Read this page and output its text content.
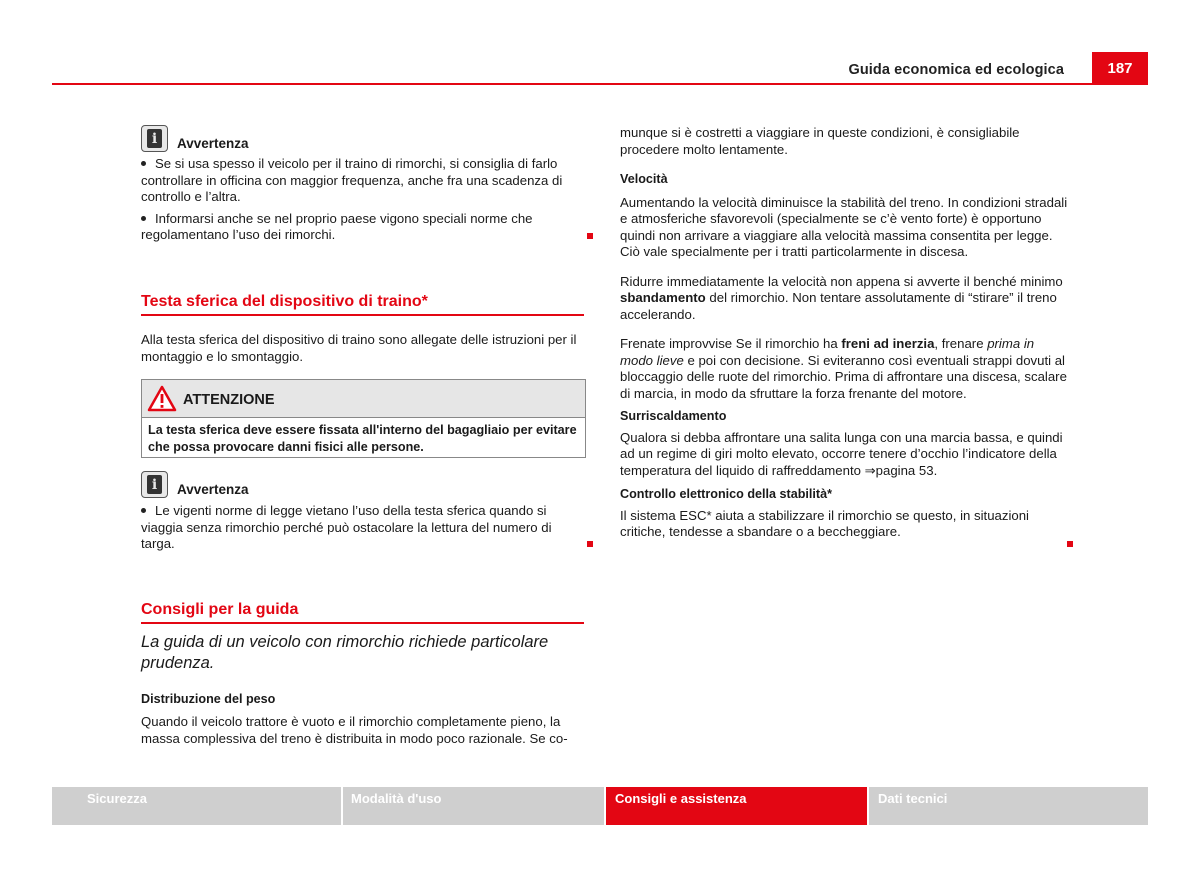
Guida economica ed ecologica	187
i	Avvertenza

Se si usa spesso il veicolo per il traino di rimorchi, si consiglia di farlo controllare in officina con maggior frequenza, anche fra una scadenza di controllo e l’altra.

Informarsi anche se nel proprio paese vigono speciali norme che regolamentano l’uso dei rimorchi.

Testa sferica del dispositivo di traino*
Alla testa sferica del dispositivo di traino sono allegate delle istruzioni per il montaggio e lo smontaggio.
ATTENZIONE
La testa sferica deve essere fissata all'interno del bagagliaio per evitare che possa provocare danni fisici alle persone.
i	Avvertenza

Le vigenti norme di legge vietano l’uso della testa sferica quando si viaggia senza rimorchio perché può ostacolare la lettura del numero di targa.

Consigli per la guida
La guida di un veicolo con rimorchio richiede particolare prudenza.
Distribuzione del peso
Quando il veicolo trattore è vuoto e il rimorchio completamente pieno, la massa complessiva del treno è distribuita in modo poco razionale. Se co-

munque si è costretti a viaggiare in queste condizioni, è consigliabile procedere molto lentamente.

Velocità

Aumentando la velocità diminuisce la stabilità del treno. In condizioni stradali e atmosferiche sfavorevoli (specialmente se c’è vento forte) è opportuno quindi non arrivare a viaggiare alla velocità massima consentita per legge. Ciò vale specialmente per i tratti particolarmente in discesa.

Ridurre immediatamente la velocità non appena si avverte il benché minimo sbandamento del rimorchio. Non tentare assolutamente di “stirare” il treno accelerando.

Frenate improvvise Se il rimorchio ha freni ad inerzia, frenare prima in modo lieve e poi con decisione. Si eviteranno così eventuali strappi dovuti al bloccaggio delle ruote del rimorchio. Prima di affrontare una discesa, scalare di marcia, in modo da sfruttare la forza frenante del motore.

Surriscaldamento

Qualora si debba affrontare una salita lunga con una marcia bassa, e quindi ad un regime di giri molto elevato, occorre tenere d’occhio l’indicatore della temperatura del liquido di raffreddamento ⇒pagina 53.

Controllo elettronico della stabilità*

Il sistema ESC* aiuta a stabilizzare il rimorchio se questo, in situazioni critiche, tendesse a sbandare o a beccheggiare.

Sicurezza	Modalità d'uso	Consigli e assistenza	Dati tecnici
